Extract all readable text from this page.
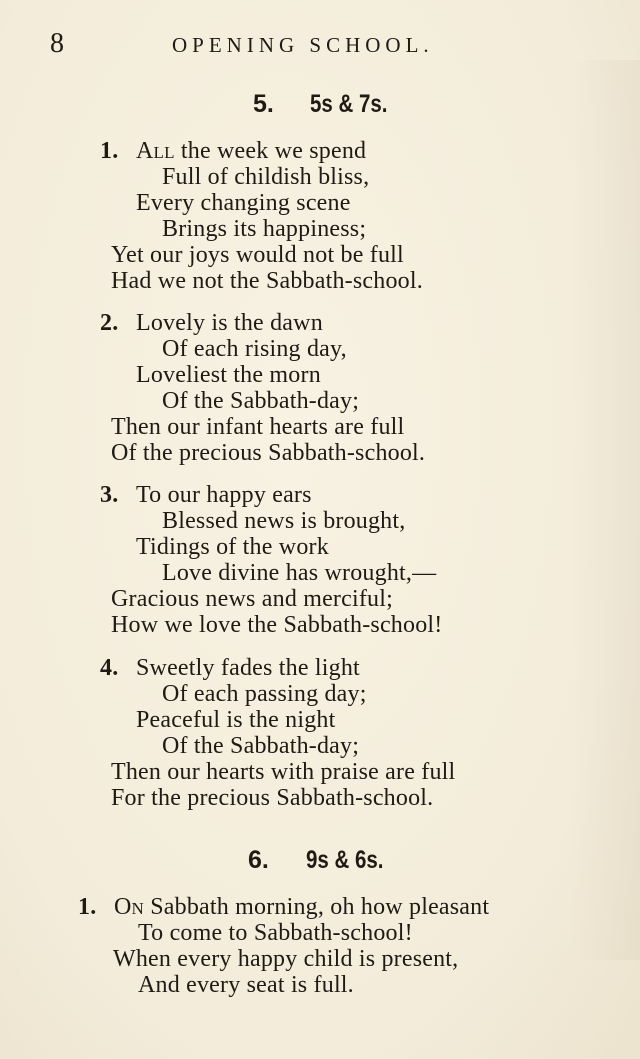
8	OPENING SCHOOL.
5. 5s & 7s.
1. All the week we spend
Full of childish bliss,
Every changing scene
Brings its happiness;
Yet our joys would not be full
Had we not the Sabbath-school.
2. Lovely is the dawn
Of each rising day,
Loveliest the morn
Of the Sabbath-day;
Then our infant hearts are full
Of the precious Sabbath-school.
3. To our happy ears
Blessed news is brought,
Tidings of the work
Love divine has wrought,—
Gracious news and merciful;
How we love the Sabbath-school!
4. Sweetly fades the light
Of each passing day;
Peaceful is the night
Of the Sabbath-day;
Then our hearts with praise are full
For the precious Sabbath-school.
6. 9s & 6s.
1. On Sabbath morning, oh how pleasant
To come to Sabbath-school!
When every happy child is present,
And every seat is full.
